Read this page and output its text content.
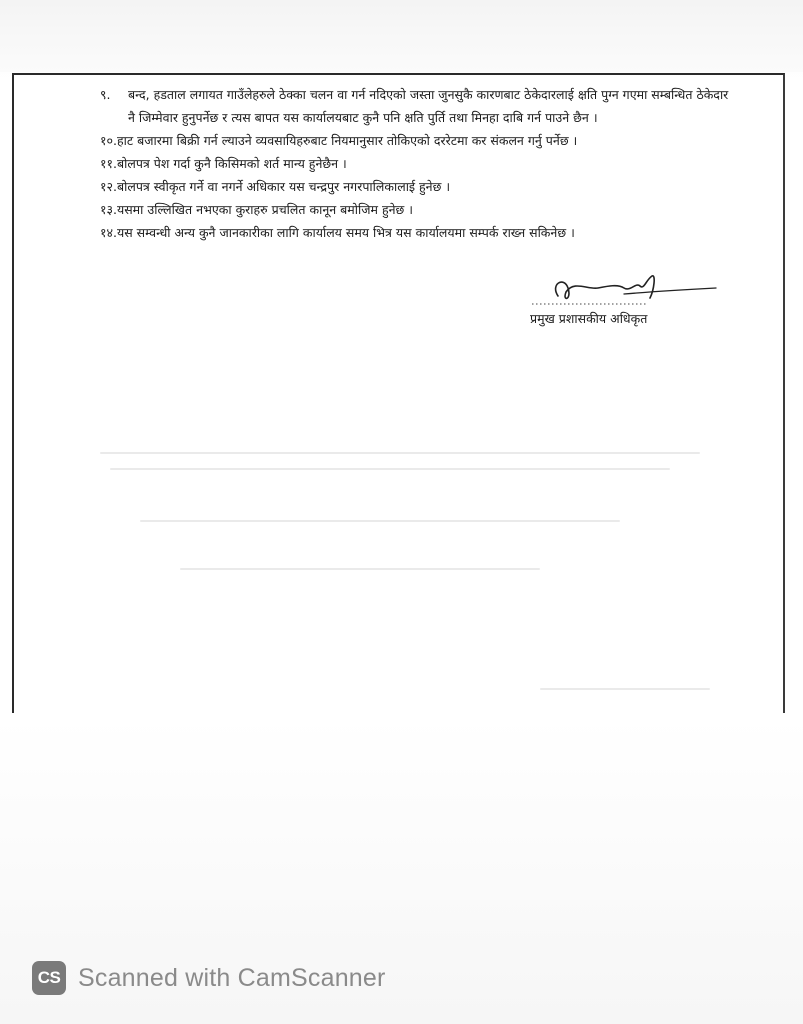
९. बन्द, हडताल लगायत गाउँलेहरुले ठेक्का चलन वा गर्न नदिएको जस्ता जुनसुकै कारणबाट ठेकेदारलाई क्षति पुग्न गएमा सम्बन्धित ठेकेदार नै जिम्मेवार हुनुपर्नेछ र त्यस बापत यस कार्यालयबाट कुनै पनि क्षति पुर्ति तथा मिनहा दाबि गर्न पाउने छैन ।

१०.हाट बजारमा बिक्री गर्न ल्याउने व्यवसायिहरुबाट नियमानुसार तोकिएको दररेटमा कर संकलन गर्नु पर्नेछ ।

११.बोलपत्र पेश गर्दा कुनै किसिमको शर्त मान्य हुनेछैन ।

१२.बोलपत्र स्वीकृत गर्ने वा नगर्ने अधिकार यस चन्द्रपुर नगरपालिकालाई हुनेछ ।

१३.यसमा उल्लिखित नभएका कुराहरु प्रचलित कानून बमोजिम हुनेछ ।

१४.यस सम्वन्धी अन्य कुनै जानकारीका लागि कार्यालय समय भित्र यस कार्यालयमा सम्पर्क राख्न सकिनेछ ।

प्रमुख प्रशासकीय अधिकृत
CS Scanned with CamScanner
